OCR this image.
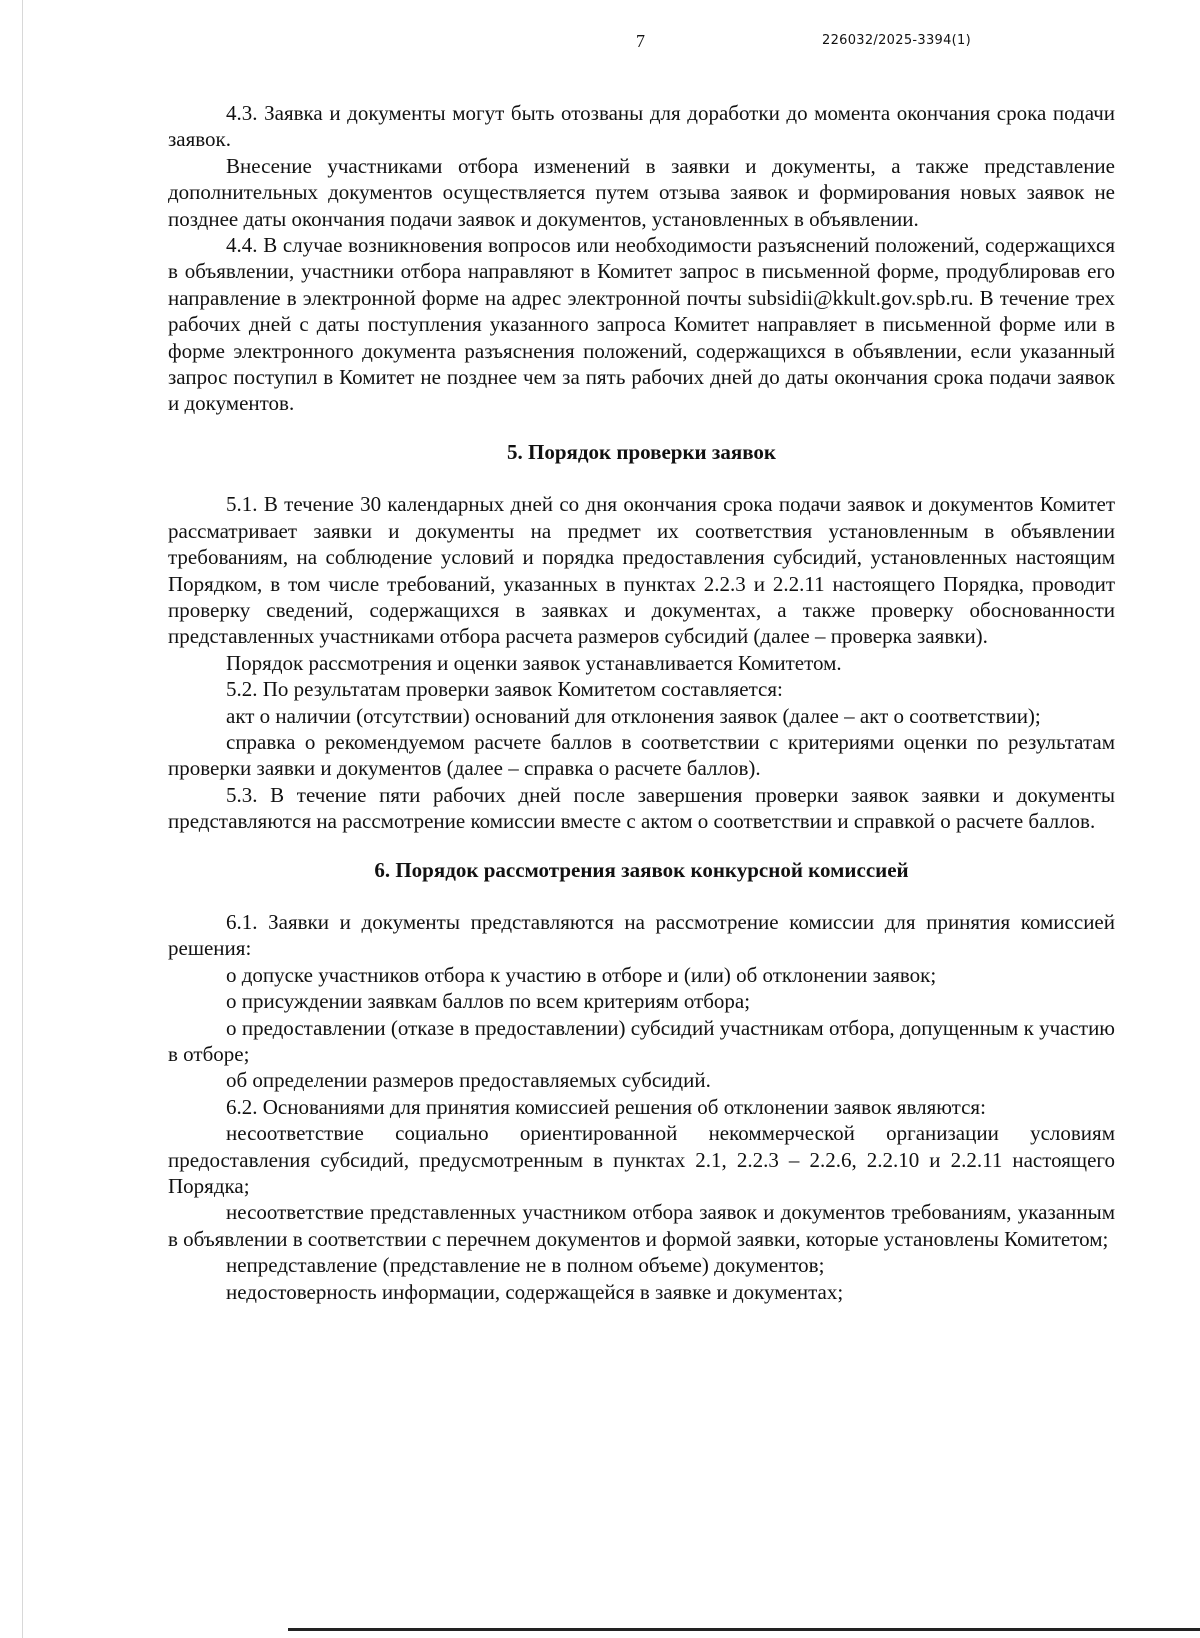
7	226032/2025-3394(1)

4.3. Заявка и документы могут быть отозваны для доработки до момента окончания срока подачи заявок.

Внесение участниками отбора изменений в заявки и документы, а также представление дополнительных документов осуществляется путем отзыва заявок и формирования новых заявок не позднее даты окончания подачи заявок и документов, установленных в объявлении.

4.4. В случае возникновения вопросов или необходимости разъяснений положений, содержащихся в объявлении, участники отбора направляют в Комитет запрос в письменной форме, продублировав его направление в электронной форме на адрес электронной почты subsidii@kkult.gov.spb.ru. В течение трех рабочих дней с даты поступления указанного запроса Комитет направляет в письменной форме или в форме электронного документа разъяснения положений, содержащихся в объявлении, если указанный запрос поступил в Комитет не позднее чем за пять рабочих дней до даты окончания срока подачи заявок и документов.

5. Порядок проверки заявок

5.1. В течение 30 календарных дней со дня окончания срока подачи заявок и документов Комитет рассматривает заявки и документы на предмет их соответствия установленным в объявлении требованиям, на соблюдение условий и порядка предоставления субсидий, установленных настоящим Порядком, в том числе требований, указанных в пунктах 2.2.3 и 2.2.11 настоящего Порядка, проводит проверку сведений, содержащихся в заявках и документах, а также проверку обоснованности представленных участниками отбора расчета размеров субсидий (далее – проверка заявки).

Порядок рассмотрения и оценки заявок устанавливается Комитетом.

5.2. По результатам проверки заявок Комитетом составляется:

акт о наличии (отсутствии) оснований для отклонения заявок (далее – акт о соответствии);

справка о рекомендуемом расчете баллов в соответствии с критериями оценки по результатам проверки заявки и документов (далее – справка о расчете баллов).

5.3. В течение пяти рабочих дней после завершения проверки заявок заявки и документы представляются на рассмотрение комиссии вместе с актом о соответствии и справкой о расчете баллов.

6. Порядок рассмотрения заявок конкурсной комиссией

6.1. Заявки и документы представляются на рассмотрение комиссии для принятия комиссией решения:

о допуске участников отбора к участию в отборе и (или) об отклонении заявок;

о присуждении заявкам баллов по всем критериям отбора;

о предоставлении (отказе в предоставлении) субсидий участникам отбора, допущенным к участию в отборе;

об определении размеров предоставляемых субсидий.

6.2. Основаниями для принятия комиссией решения об отклонении заявок являются:

несоответствие социально ориентированной некоммерческой организации условиям предоставления субсидий, предусмотренным в пунктах 2.1, 2.2.3 – 2.2.6, 2.2.10 и 2.2.11 настоящего Порядка;

несоответствие представленных участником отбора заявок и документов требованиям, указанным в объявлении в соответствии с перечнем документов и формой заявки, которые установлены Комитетом;

непредставление (представление не в полном объеме) документов;

недостоверность информации, содержащейся в заявке и документах;
